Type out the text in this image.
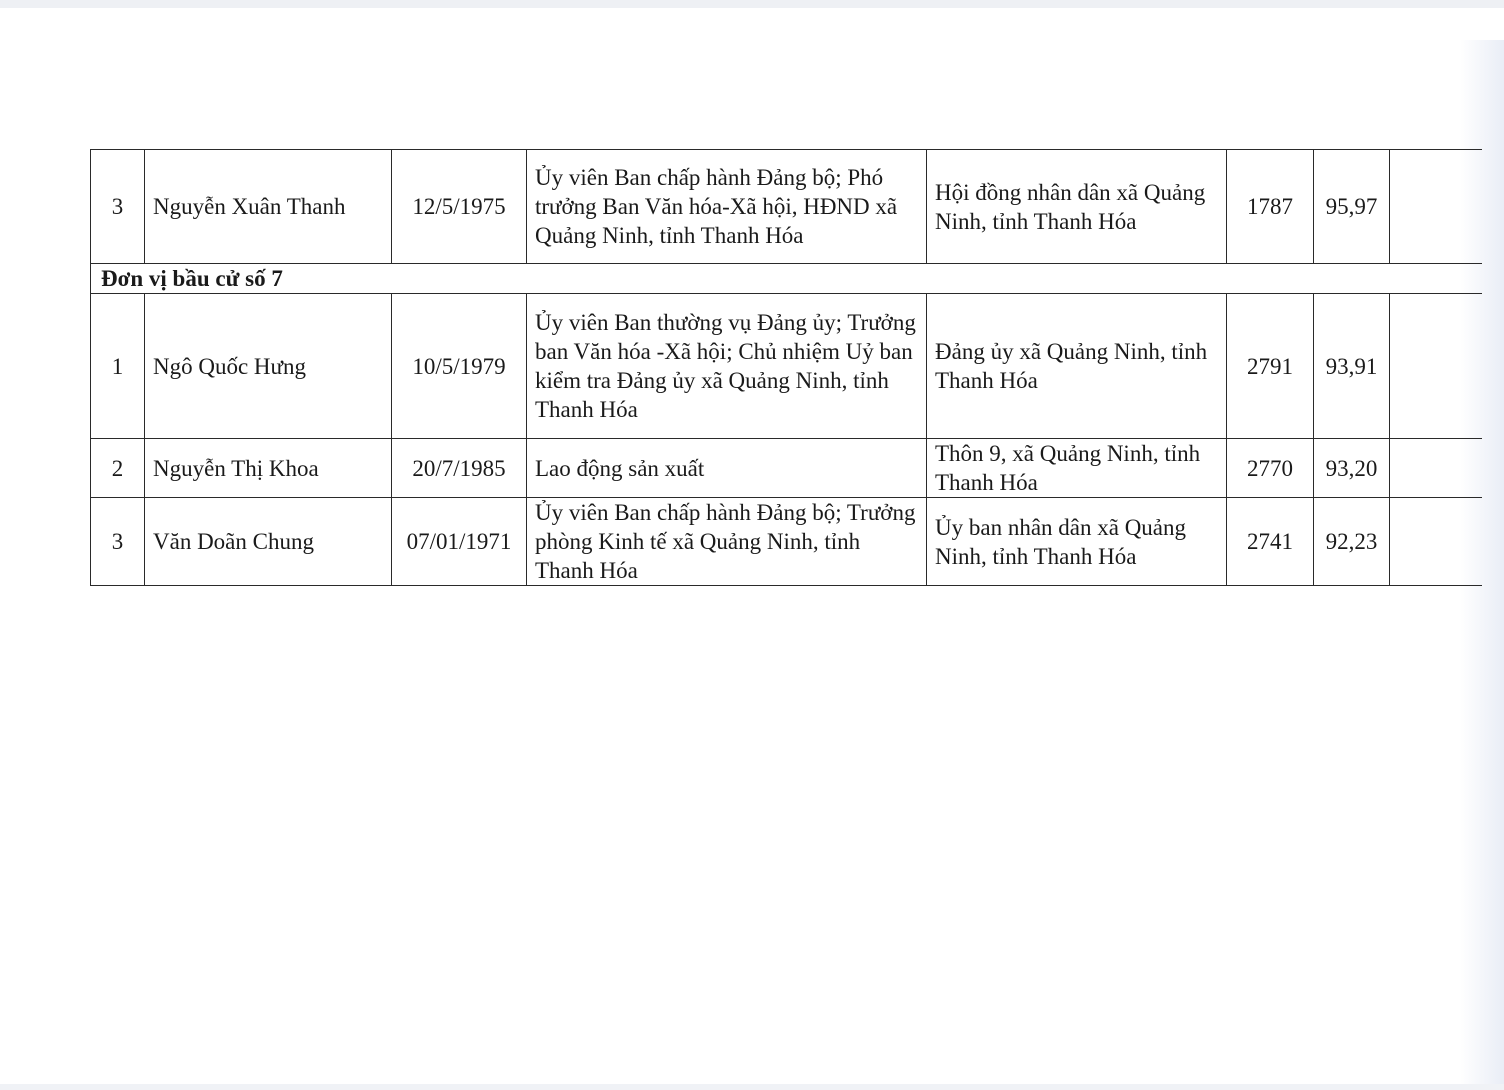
3	Nguyễn Xuân Thanh	12/5/1975	Ủy viên Ban chấp hành Đảng bộ; Phó trưởng Ban Văn hóa-Xã hội, HĐND xã Quảng Ninh, tỉnh Thanh Hóa	Hội đồng nhân dân xã Quảng Ninh, tỉnh Thanh Hóa	1787	95,97	
Đơn vị bầu cử số 7							
1	Ngô Quốc Hưng	10/5/1979	Ủy viên Ban thường vụ Đảng ủy; Trưởng ban Văn hóa -Xã hội; Chủ nhiệm Uỷ ban kiểm tra Đảng ủy xã Quảng Ninh, tỉnh Thanh Hóa	Đảng ủy xã Quảng Ninh, tỉnh Thanh Hóa	2791	93,91	
2	Nguyễn Thị Khoa	20/7/1985	Lao động sản xuất	Thôn 9, xã Quảng Ninh, tỉnh Thanh Hóa	2770	93,20	
3	Văn Doãn Chung	07/01/1971	Ủy viên Ban chấp hành Đảng bộ; Trưởng phòng Kinh tế xã Quảng Ninh, tỉnh Thanh Hóa	Ủy ban nhân dân xã Quảng Ninh, tỉnh Thanh Hóa	2741	92,23	
